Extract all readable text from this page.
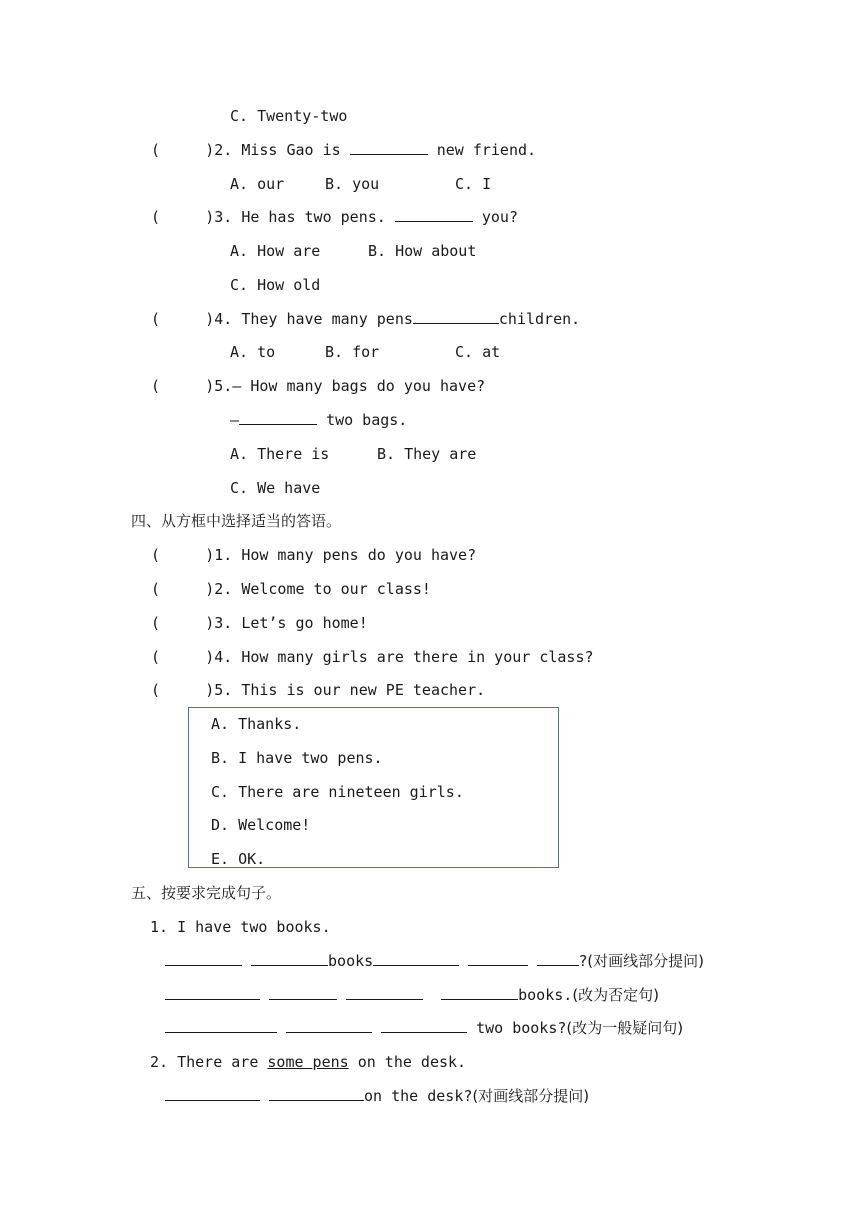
C. Twenty-two
(	)2. Miss Gao is	new friend.
A. our	B. you	C. I
(	)3. He has two pens.	you?
A. How are	B. How about
C. How old
(	)4. They have many pens	children.
A. to	B. for	C. at
(	)5.— How many bags do you have?
—	two bags.
A. There is	B. They are
C. We have
四、从方框中选择适当的答语。
(	)1. How many pens do you have?
(	)2. Welcome to our class!
(	)3. Let’s go home!
(	)4. How many girls are there in your class?
(	)5. This is our new PE teacher.
A. Thanks.
B. I have two pens.
C. There are nineteen girls.
D. Welcome!
E. OK.
五、按要求完成句子。
1. I have two books.
books	?(对画线部分提问)
books.(改为否定句)
two books?(改为一般疑问句)
2. There are some pens on the desk.
on the desk?(对画线部分提问)
